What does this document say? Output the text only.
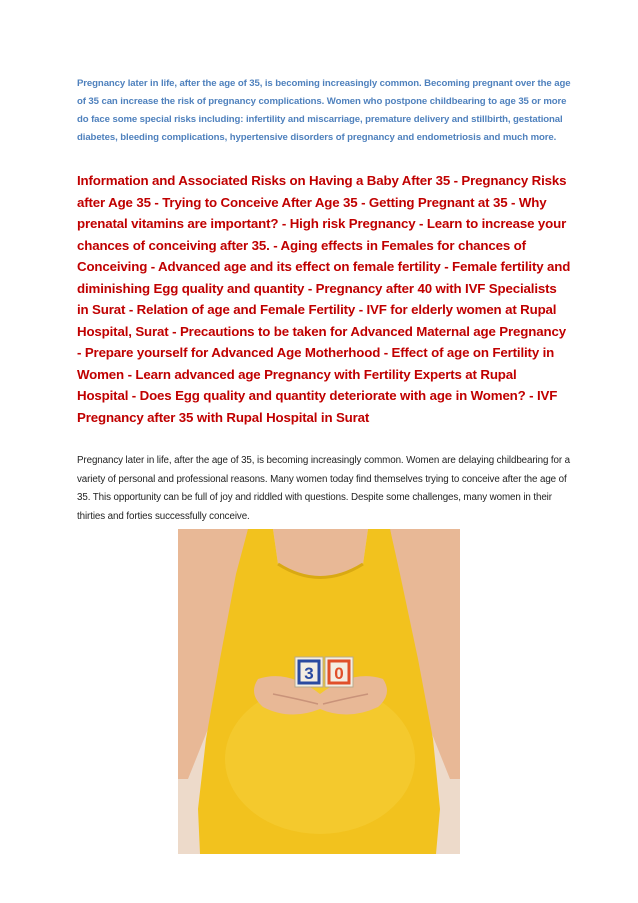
Pregnancy later in life, after the age of 35, is becoming increasingly common. Becoming pregnant over the age of 35 can increase the risk of pregnancy complications. Women who postpone childbearing to age 35 or more do face some special risks including: infertility and miscarriage, premature delivery and stillbirth, gestational diabetes, bleeding complications, hypertensive disorders of pregnancy and endometriosis and much more.

Information and Associated Risks on Having a Baby After 35 - Pregnancy Risks after Age 35 - Trying to Conceive After Age 35 - Getting Pregnant at 35 - Why prenatal vitamins are important? - High risk Pregnancy - Learn to increase your chances of conceiving after 35. - Aging effects in Females for chances of Conceiving - Advanced age and its effect on female fertility - Female fertility and diminishing Egg quality and quantity - Pregnancy after 40 with IVF Specialists in Surat - Relation of age and Female Fertility - IVF for elderly women at Rupal Hospital, Surat - Precautions to be taken for Advanced Maternal age Pregnancy - Prepare yourself for Advanced Age Motherhood - Effect of age on Fertility in Women - Learn advanced age Pregnancy with Fertility Experts at Rupal Hospital - Does Egg quality and quantity deteriorate with age in Women? - IVF Pregnancy after 35 with Rupal Hospital in Surat

Pregnancy later in life, after the age of 35, is becoming increasingly common. Women are delaying childbearing for a variety of personal and professional reasons. Many women today find themselves trying to conceive after the age of 35. This opportunity can be full of joy and riddled with questions. Despite some challenges, many women in their thirties and forties successfully conceive.

3 0
